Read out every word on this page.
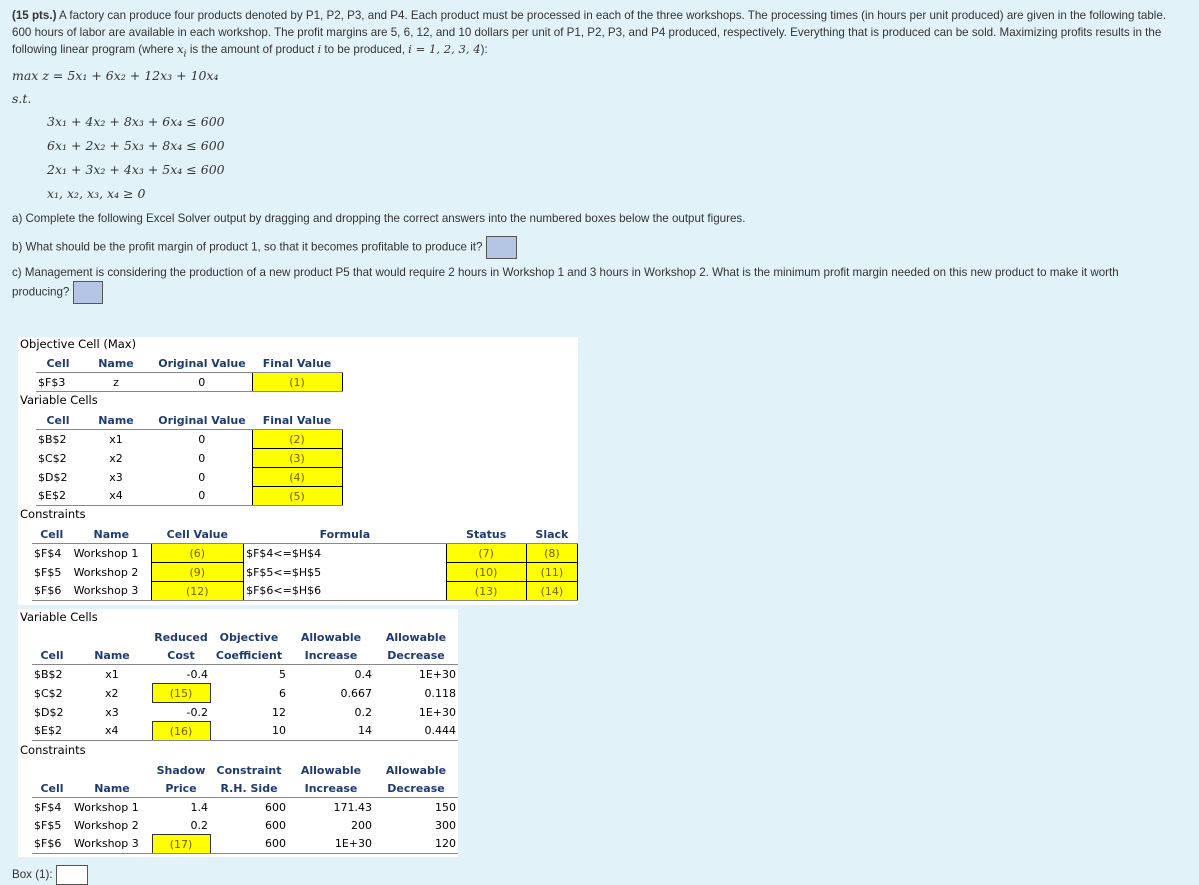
(15 pts.) A factory can produce four products denoted by P1, P2, P3, and P4. Each product must be processed in each of the three workshops. The processing times (in hours per unit produced) are given in the following table. 600 hours of labor are available in each workshop. The profit margins are 5, 6, 12, and 10 dollars per unit of P1, P2, P3, and P4 produced, respectively. Everything that is produced can be sold. Maximizing profits results in the following linear program (where $x_i$ is the amount of product i to be produced, i = 1, 2, 3, 4):
max z = 5x₁ + 6x₂ + 12x₃ + 10x₄
s.t.
3x₁ + 4x₂ + 8x₃ + 6x₄ ≤ 600
6x₁ + 2x₂ + 5x₃ + 8x₄ ≤ 600
2x₁ + 3x₂ + 4x₃ + 5x₄ ≤ 600
x₁, x₂, x₃, x₄ ≥ 0
a) Complete the following Excel Solver output by dragging and dropping the correct answers into the numbered boxes below the output figures.
b) What should be the profit margin of product 1, so that it becomes profitable to produce it?
c) Management is considering the production of a new product P5 that would require 2 hours in Workshop 1 and 3 hours in Workshop 2. What is the minimum profit margin needed on this new product to make it worth producing?
Objective Cell (Max)
Cell	Name	Original Value	Final Value
$F$3	z	0	(1)
Variable Cells
Cell	Name	Original Value	Final Value
$B$2	x1	0	(2)
$C$2	x2	0	(3)
$D$2	x3	0	(4)
$E$2	x4	0	(5)
Constraints
Cell	Name	Cell Value	Formula	Status	Slack
$F$4	Workshop 1	(6)	$F$4<=$H$4	(7)	(8)
$F$5	Workshop 2	(9)	$F$5<=$H$5	(10)	(11)
$F$6	Workshop 3	(12)	$F$6<=$H$6	(13)	(14)
Variable Cells
		Reduced	Objective	Allowable	Allowable
Cell	Name	Cost	Coefficient	Increase	Decrease
$B$2	x1	-0.4	5	0.4	1E+30
$C$2	x2	(15)	6	0.667	0.118
$D$2	x3	-0.2	12	0.2	1E+30
$E$2	x4	(16)	10	14	0.444
Constraints
		Shadow	Constraint	Allowable	Allowable
Cell	Name	Price	R.H. Side	Increase	Decrease
$F$4	Workshop 1	1.4	600	171.43	150
$F$5	Workshop 2	0.2	600	200	300
$F$6	Workshop 3	(17)	600	1E+30	120
Box (1):
